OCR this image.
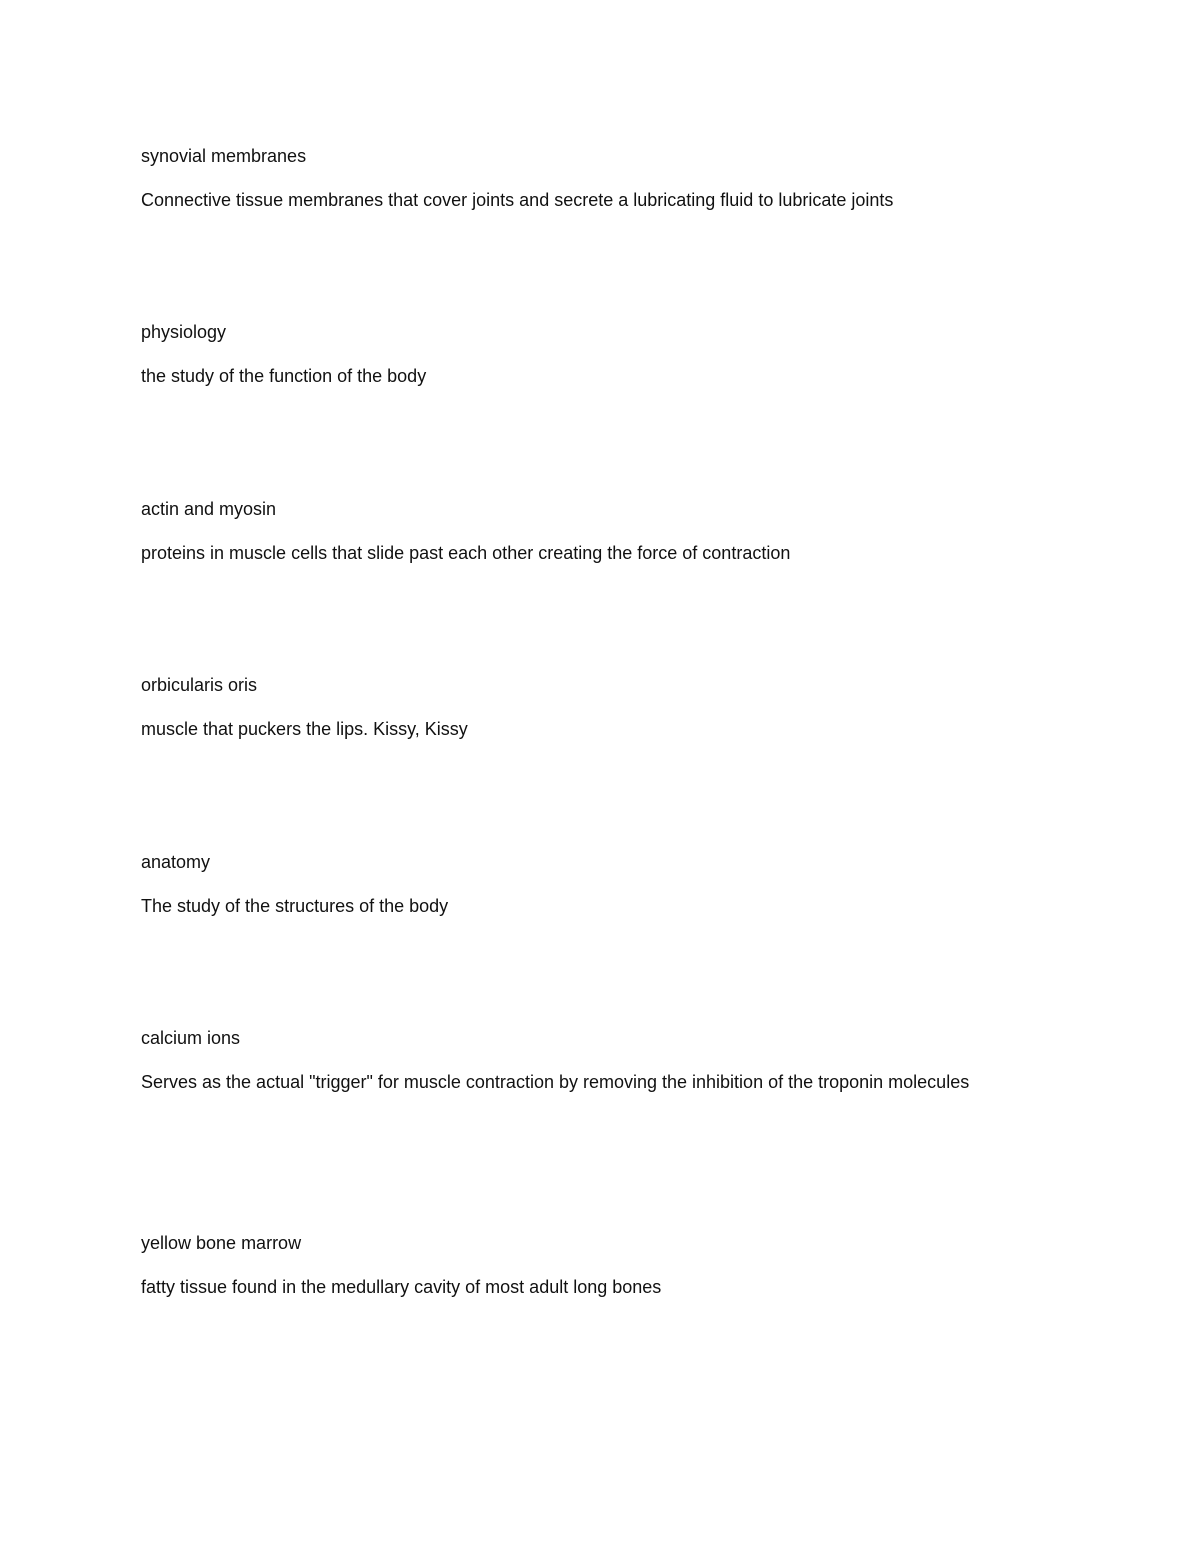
synovial membranes

Connective tissue membranes that cover joints and secrete a lubricating fluid to lubricate joints

physiology

the study of the function of the body

actin and myosin

proteins in muscle cells that slide past each other creating the force of contraction

orbicularis oris

muscle that puckers the lips. Kissy, Kissy

anatomy

The study of the structures of the body

calcium ions

Serves as the actual "trigger" for muscle contraction by removing the inhibition of the troponin molecules

yellow bone marrow

fatty tissue found in the medullary cavity of most adult long bones
